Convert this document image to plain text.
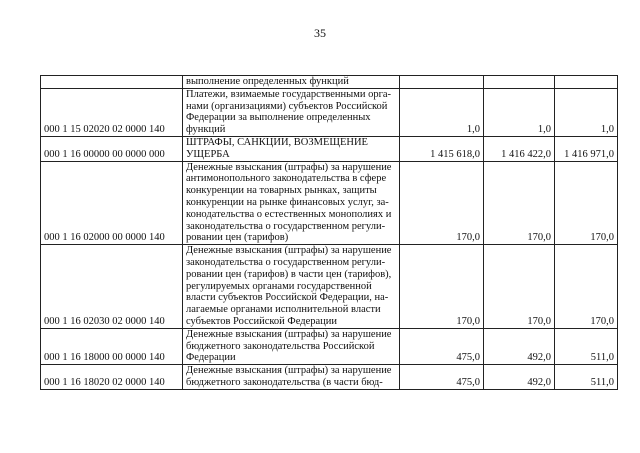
35
	выполнение определенных функций			
000 1 15 02020 02 0000 140	Платежи, взимаемые государственными орга-нами (организациями) субъектов Российской Федерации за выполнение определенных функций	1,0	1,0	1,0
000 1 16 00000 00 0000 000	ШТРАФЫ, САНКЦИИ, ВОЗМЕЩЕНИЕ УЩЕРБА	1 415 618,0	1 416 422,0	1 416 971,0
000 1 16 02000 00 0000 140	Денежные взыскания (штрафы) за нарушение антимонопольного законодательства в сфере конкуренции на товарных рынках, защиты конкуренции на рынке финансовых услуг, за-конодательства о естественных монополиях и законодательства о государственном регули-ровании цен (тарифов)	170,0	170,0	170,0
000 1 16 02030 02 0000 140	Денежные взыскания (штрафы) за нарушение законодательства о государственном регули-ровании цен (тарифов) в части цен (тарифов), регулируемых органами государственной власти субъектов Российской Федерации, на-лагаемые органами исполнительной власти субъектов Российской Федерации	170,0	170,0	170,0
000 1 16 18000 00 0000 140	Денежные взыскания (штрафы) за нарушение бюджетного законодательства Российской Федерации	475,0	492,0	511,0
000 1 16 18020 02 0000 140	Денежные взыскания (штрафы) за нарушение бюджетного законодательства (в части бюд-	475,0	492,0	511,0
